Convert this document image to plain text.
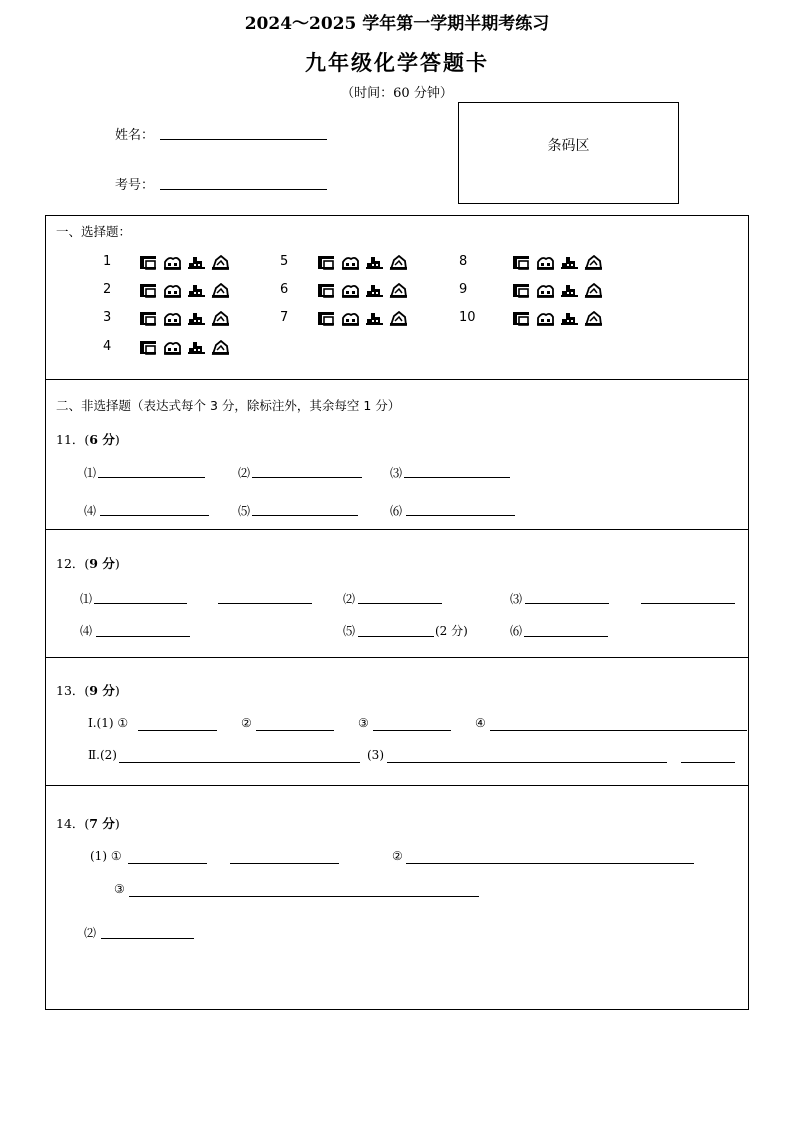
2024～2025 学年第一学期半期考练习
九年级化学答题卡
（时间：60 分钟）
姓名：
考号：
条码区
一、选择题：
1
2
3
4
5
6
7
8
9
10
二、非选择题（表达式每个 3 分，除标注外，其余每空 1 分）
11．(6 分)
⑴	⑵	⑶
⑷	⑸	⑹
12．(9 分)
⑴	⑵	⑶
⑷	⑸	(2 分)	⑹
13．(9 分)
Ⅰ.(1) ①	②	③	④
Ⅱ.(2)	(3)
14．(7 分)
(1) ①	②
③
⑵
